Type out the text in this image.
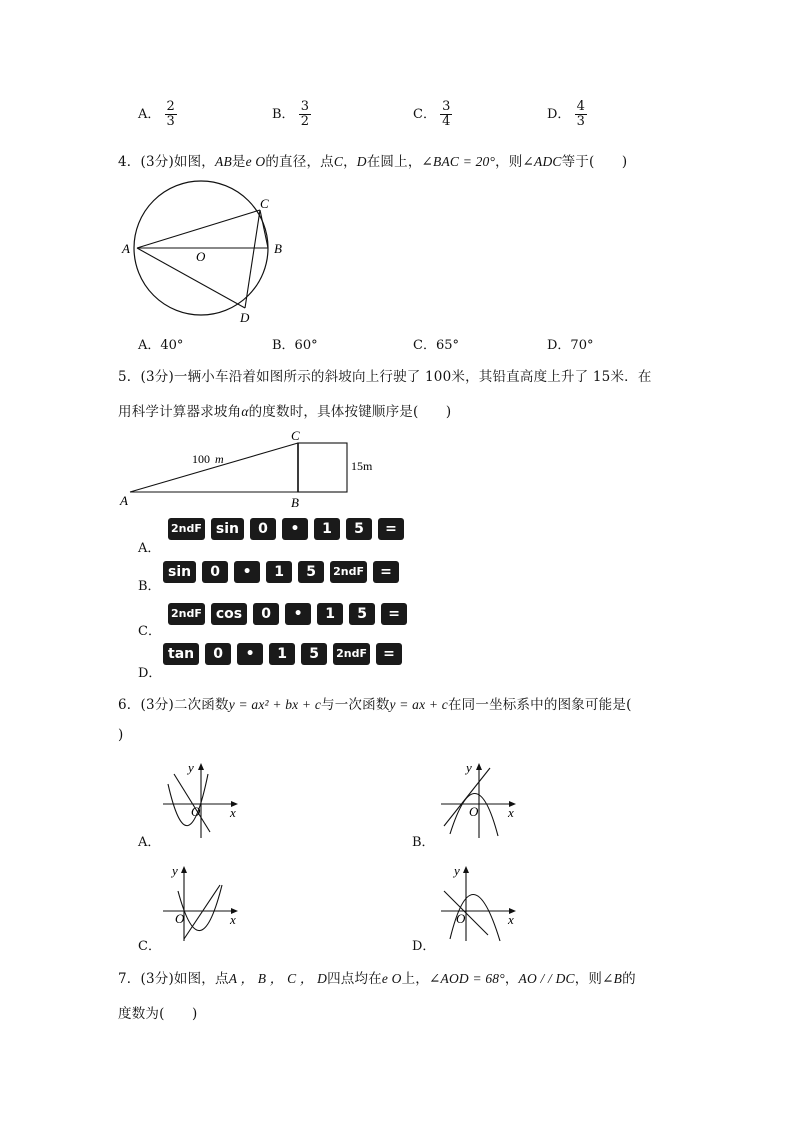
A． $\frac{2}{3}$	B． $\frac{3}{2}$	C． $\frac{3}{4}$	D． $\frac{4}{3}$
4．(3分)如图，AB是e O的直径，点C，D在圆上，∠BAC = 20°，则∠ADC等于(　　)
A	B
C
D
O
A．40°	B．60°	C．65°	D．70°
5．(3分)一辆小车沿着如图所示的斜坡向上行驶了 100米，其铅直高度上升了 15米．在
用科学计算器求坡角α的度数时，具体按键顺序是(　　)
A	B
C
100 m	15m
A．
2ndF sin 0 • 1 5 =
B．
sin 0 • 1 5 2ndF =
C．
2ndF cos 0 • 1 5 =
D．
tan 0 • 1 5 2ndF =
6．(3分)二次函数y = ax² + bx + c与一次函数y = ax + c在同一坐标系中的图象可能是(
)
y
x
O
A．
y
x
O
B．
y
x
O
C．
y
x
O
D．
7．(3分)如图，点A ， B ， C ， D四点均在e O上，∠AOD = 68°，AO / / DC，则∠B的
度数为(　　)
